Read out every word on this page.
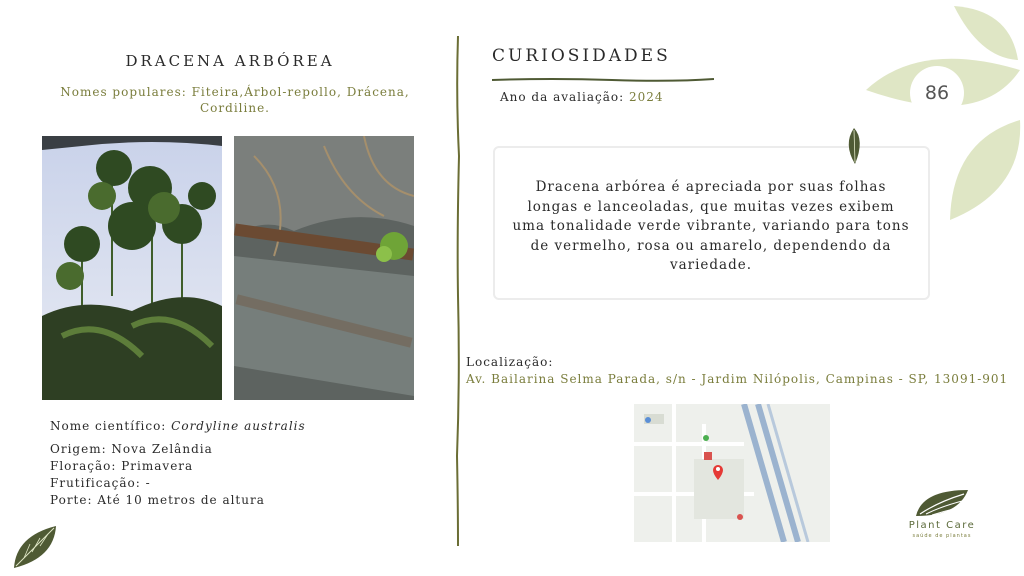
DRACENA ARBÓREA
Nomes populares: Fiteira,Árbol-repollo, Drácena, Cordiline.
Nome científico: Cordyline australis
Origem: Nova Zelândia
Floração: Primavera
Frutificação: -
Porte: Até 10 metros de altura
CURIOSIDADES
Ano da avaliação: 2024
Dracena arbórea é apreciada por suas folhas longas e lanceoladas, que muitas vezes exibem uma tonalidade verde vibrante, variando para tons de vermelho, rosa ou amarelo, dependendo da variedade.
Localização:
Av. Bailarina Selma Parada, s/n - Jardim Nilópolis, Campinas - SP, 13091-901
86
Plant Care
saúde de plantas
